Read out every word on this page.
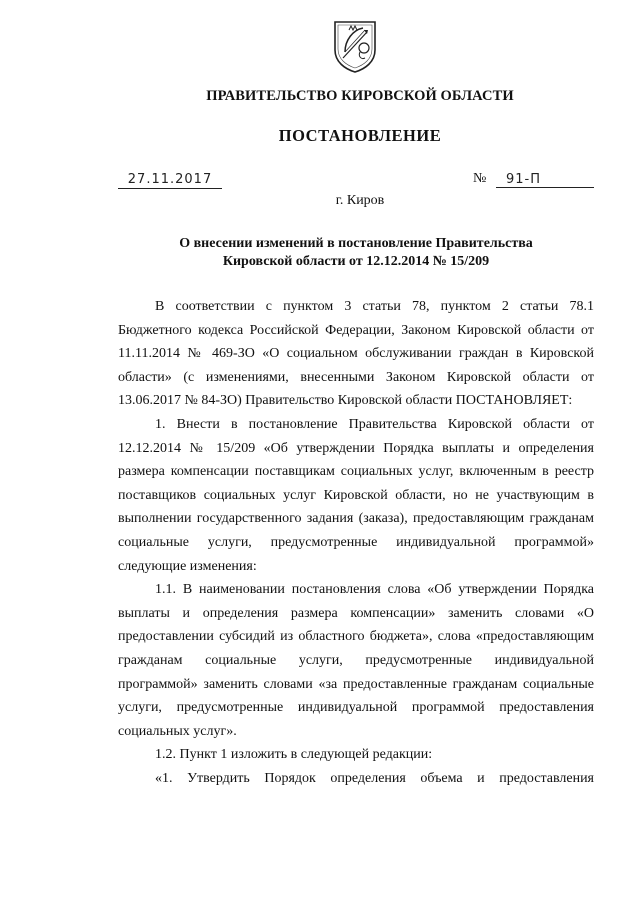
ПРАВИТЕЛЬСТВО КИРОВСКОЙ ОБЛАСТИ
ПОСТАНОВЛЕНИЕ
27.11.2017	№	91-П
г. Киров
О внесении изменений в постановление Правительства
Кировской области от 12.12.2014 № 15/209

В соответствии с пунктом 3 статьи 78, пунктом 2 статьи 78.1 Бюджетного кодекса Российской Федерации, Законом Кировской области от 11.11.2014 № 469-ЗО «О социальном обслуживании граждан в Кировской области» (с изменениями, внесенными Законом Кировской области от 13.06.2017 № 84-ЗО) Правительство Кировской области ПОСТАНОВЛЯЕТ:

1. Внести в постановление Правительства Кировской области от 12.12.2014 № 15/209 «Об утверждении Порядка выплаты и определения размера компенсации поставщикам социальных услуг, включенным в реестр поставщиков социальных услуг Кировской области, но не участвующим в выполнении государственного задания (заказа), предоставляющим гражданам социальные услуги, предусмотренные индивидуальной программой» следующие изменения:

1.1. В наименовании постановления слова «Об утверждении Порядка выплаты и определения размера компенсации» заменить словами «О предоставлении субсидий из областного бюджета», слова «предоставляющим гражданам социальные услуги, предусмотренные индивидуальной программой» заменить словами «за предоставленные гражданам социальные услуги, предусмотренные индивидуальной программой предоставления социальных услуг».

1.2. Пункт 1 изложить в следующей редакции:

«1. Утвердить Порядок определения объема и предоставления
